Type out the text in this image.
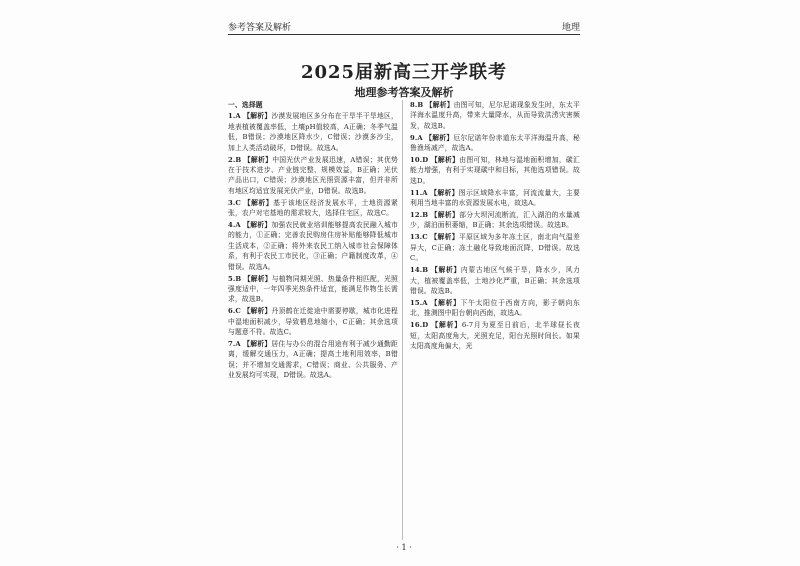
参考答案及解析	地理
2025届新高三开学联考
地理参考答案及解析
一、选择题
1.A 【解析】沙漠发展地区多分布在干旱半干旱地区，地表植被覆盖率低，土壤pH值较高，A正确；冬季气温低，B错误；沙漠地区降水少，C错误；沙漠多沙尘，加上人类活动破坏，D错误。故选A。
2.B 【解析】中国光伏产业发展迅速，A错误；其优势在于技术进步、产业链完整、规模效益，B正确；光伏产品出口，C错误；沙漠地区光照资源丰富，但并非所有地区均适宜发展光伏产业，D错误。故选B。
3.C 【解析】基于该地区经济发展水平，土地资源紧张，农户对宅基地的需求较大，选择住宅区，故选C。
4.A 【解析】加强农民就业培训能够提高农民融入城市的能力，①正确；完善农民购房住房补贴能够降低城市生活成本，②正确；将外来农民工纳入城市社会保障体系，有利于农民工市民化，③正确；户籍制度改革，④错误。故选A。
5.B 【解析】与植物同期光照、热量条件相匹配，光照强度适中，一年四季光热条件适宜，能满足作物生长需求，故选B。
6.C 【解析】丹顶鹤在迁徙途中需要停歇，城市化进程中湿地面积减少，导致栖息地缩小，C正确；其余选项与题意不符。故选C。
7.A 【解析】居住与办公的混合用途有利于减少通勤距离，缓解交通压力，A正确；提高土地利用效率，B错误；并不增加交通需求，C错误；商业、公共服务、产业发展均可实现，D错误。故选A。
8.B 【解析】由图可知，尼尔尼诺现象发生时，东太平洋海水温度升高，带来大量降水，从而导致洪涝灾害频发，故选B。
9.A 【解析】厄尔尼诺年份赤道东太平洋海温升高，秘鲁渔场减产，故选A。
10.D 【解析】由图可知，林地与湿地面积增加，碳汇能力增强，有利于实现碳中和目标，其他选项错误。故选D。
11.A 【解析】图示区域降水丰富，河流流量大，主要利用当地丰富的水资源发展水电，故选A。
12.B 【解析】部分大坝河流断流，汇入湖泊的水量减少，湖泊面积萎缩，B正确；其余选项错误。故选B。
13.C 【解析】平原区域为多年冻土区，南北向气温差异大，C正确；冻土融化导致地面沉降，D错误。故选C。
14.B 【解析】内蒙古地区气候干旱，降水少，风力大，植被覆盖率低，土地沙化严重，B正确；其余选项错误。故选B。
15.A 【解析】下午太阳位于西南方向，影子朝向东北，推测图中阳台朝向西南，故选A。
16.D 【解析】6-7月为夏至日前后，北半球昼长夜短，太阳高度角大，光照充足，阳台光照时间长。如果太阳高度角偏大，光
· 1 ·
